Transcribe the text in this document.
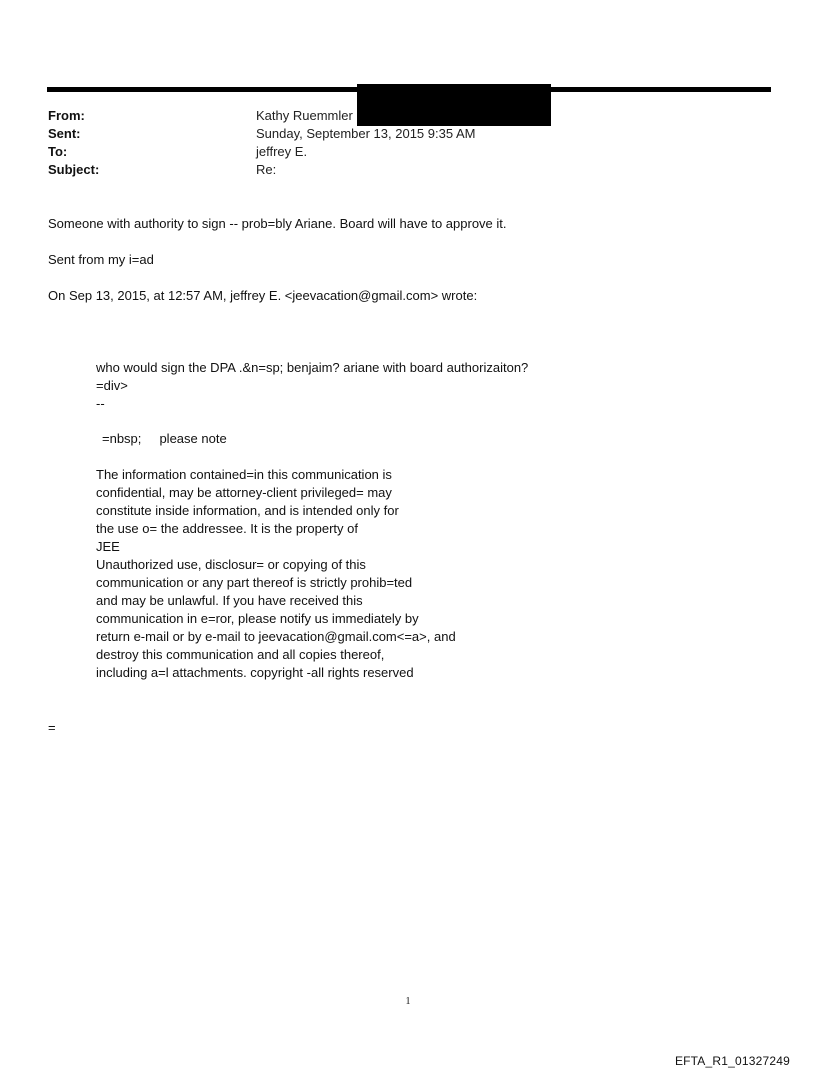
From:	Kathy Ruemmler
Sent:	Sunday, September 13, 2015 9:35 AM
To:	jeffrey E.
Subject:	Re:
Someone with authority to sign -- prob=bly Ariane. Board will have to approve it.
Sent from my i=ad
On Sep 13, 2015, at 12:57 AM, jeffrey E. <jeevacation@gmail.com> wrote:
who would sign the DPA .&n=sp; benjaim? ariane with board authorizaiton?
=div>
--
=nbsp;     please note
The information contained=in this communication is
confidential, may be attorney-client privileged= may
constitute inside information, and is intended only for
the use o= the addressee. It is the property of
JEE
Unauthorized use, disclosur= or copying of this
communication or any part thereof is strictly prohib=ted
and may be unlawful. If you have received this
communication in e=ror, please notify us immediately by
return e-mail or by e-mail to jeevacation@gmail.com<=a>, and
destroy this communication and all copies thereof,
including a=l attachments. copyright -all rights reserved
=
1
EFTA_R1_01327249
